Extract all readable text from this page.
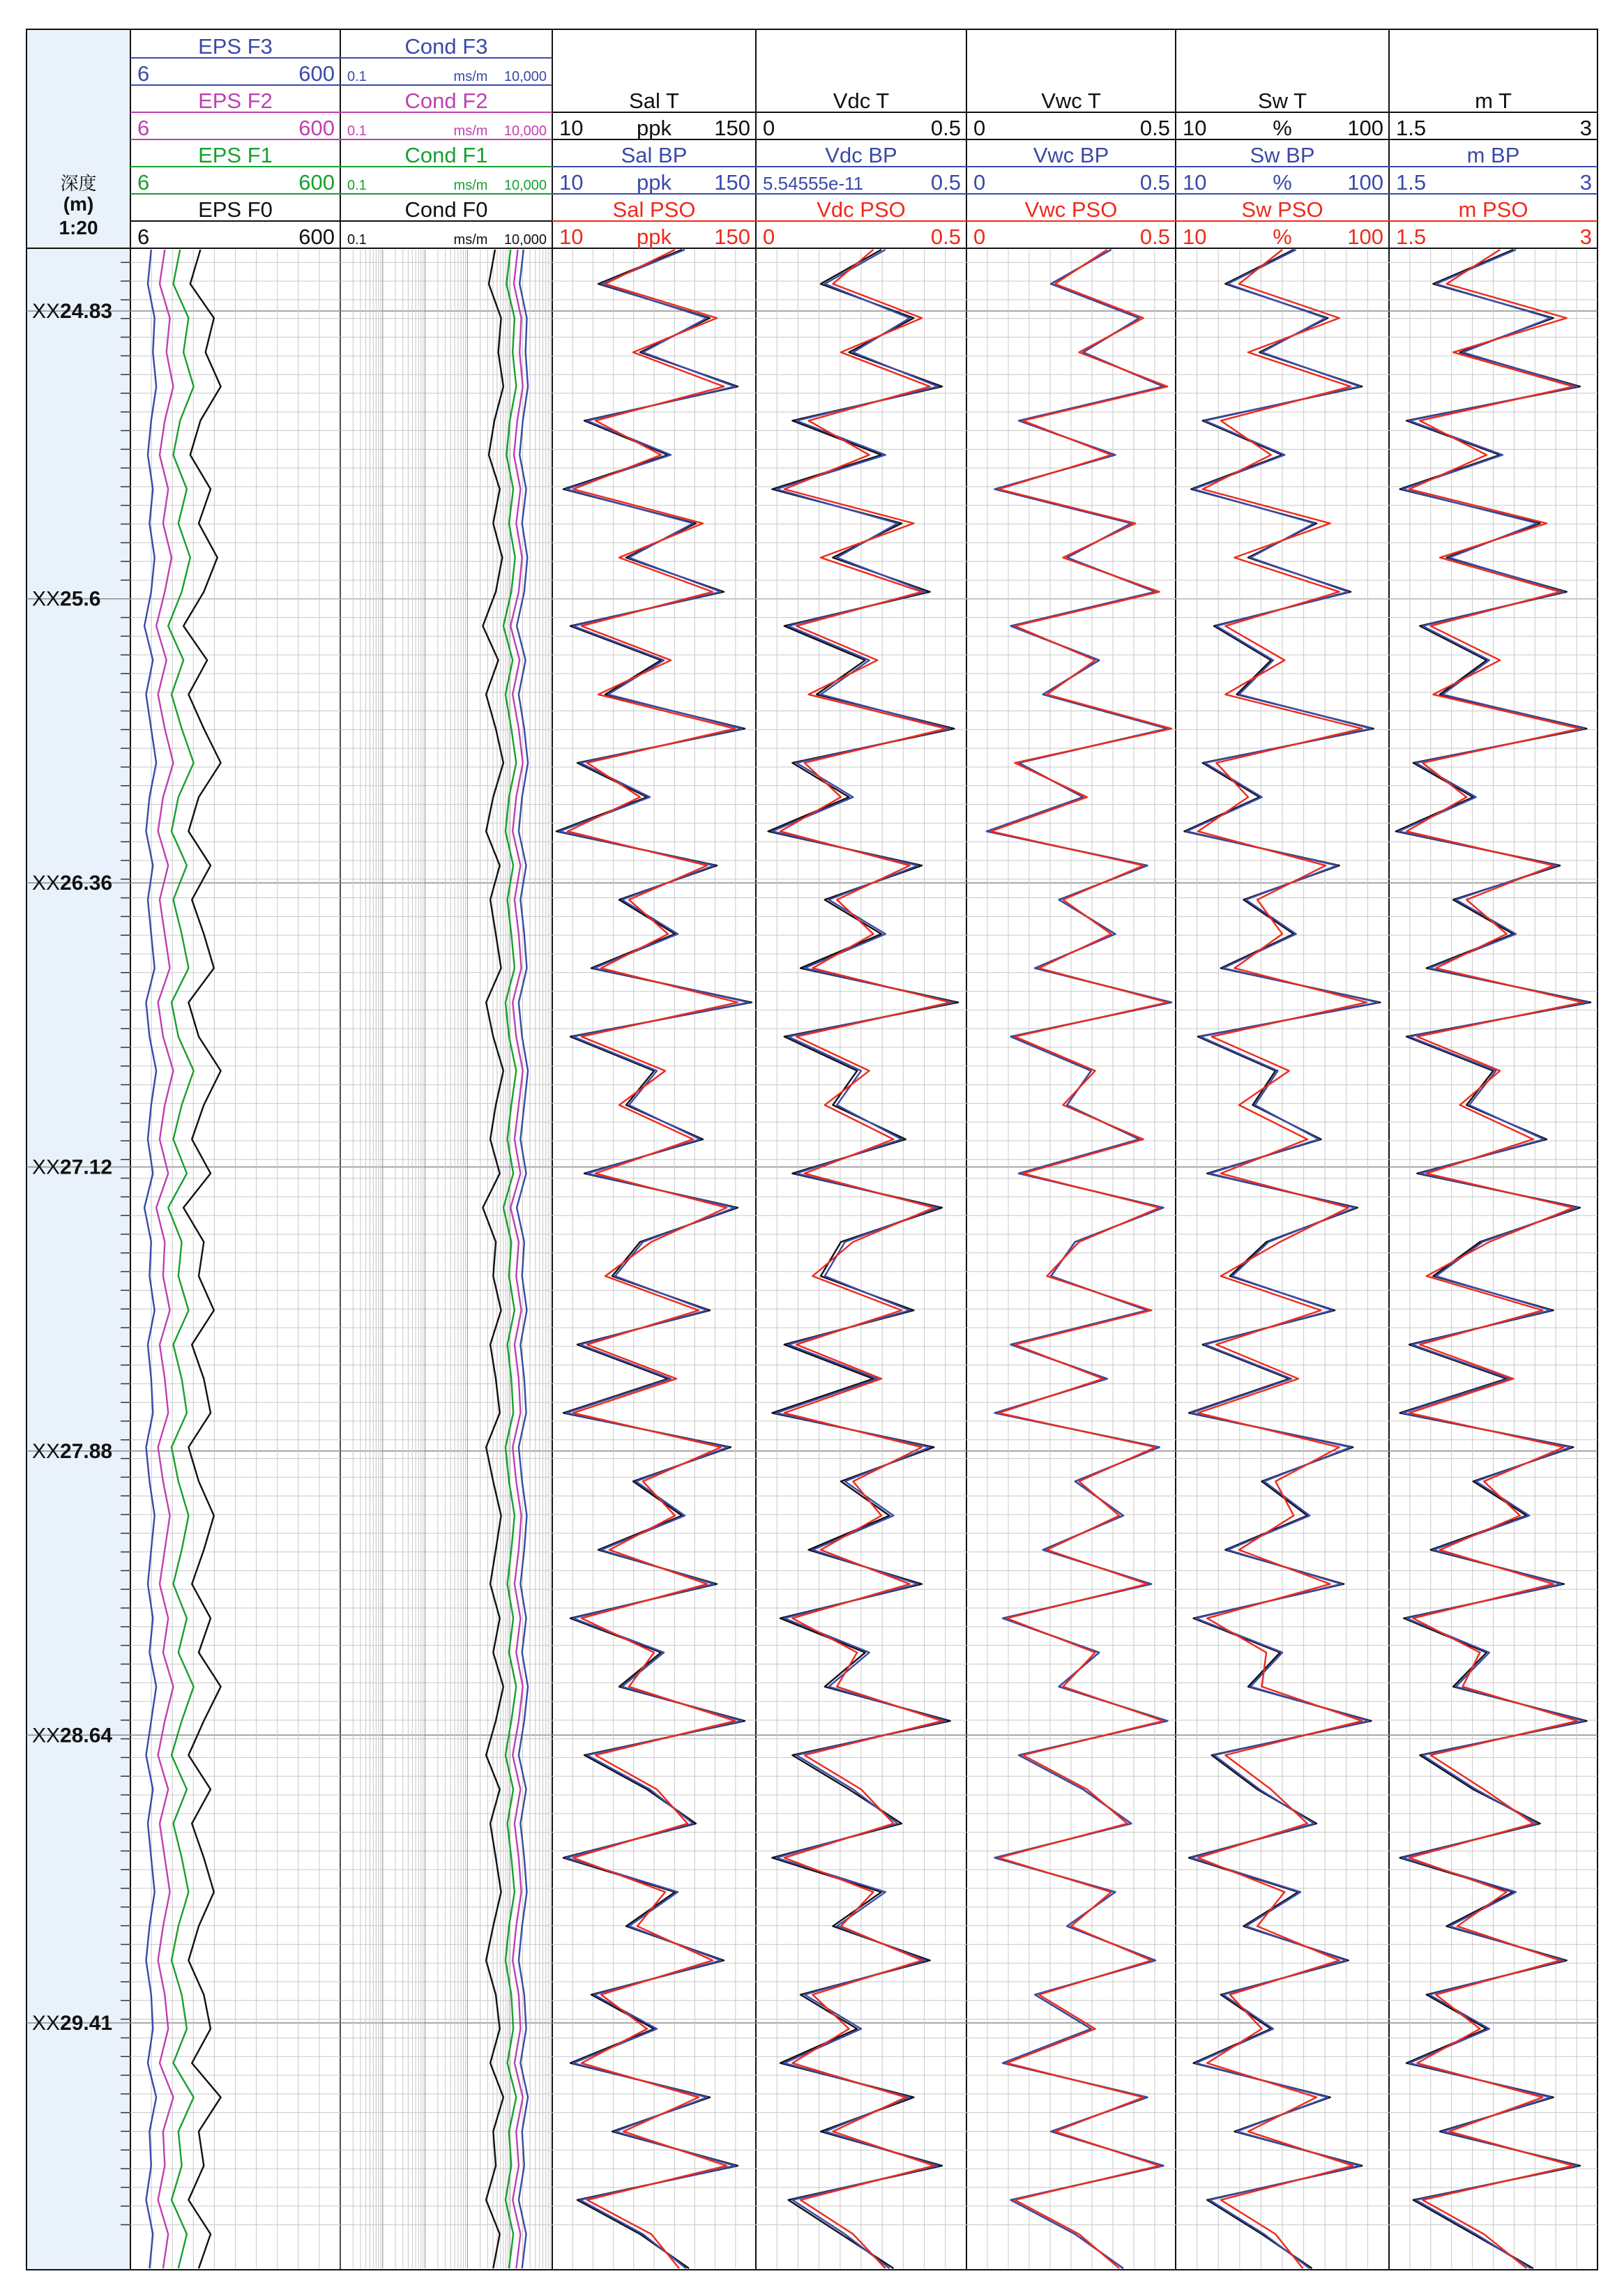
深度
(m)
1:20
XX24.83
XX25.6
XX26.36
XX27.12
XX27.88
XX28.64
XX29.41
EPS F3
6	600
EPS F2
6	600
EPS F1
6	600
EPS F0
6	600
Cond F3
0.1	ms/m 10,000
Cond F2
0.1	ms/m 10,000
Cond F1
0.1	ms/m 10,000
Cond F0
0.1	ms/m 10,000
Sal T
10 ppk 150
Sal BP
10 ppk 150
Sal PSO
10 ppk 150
Vdc T
0	0.5
Vdc BP
5.54555e-11	0.5
Vdc PSO
0	0.5
Vwc T
0	0.5
Vwc BP
0	0.5
Vwc PSO
0	0.5
Sw T
10	%	100
Sw BP
10	%	100
Sw PSO
10	%	100
m T
1.5	3
m BP
1.5	3
m PSO
1.5	3
